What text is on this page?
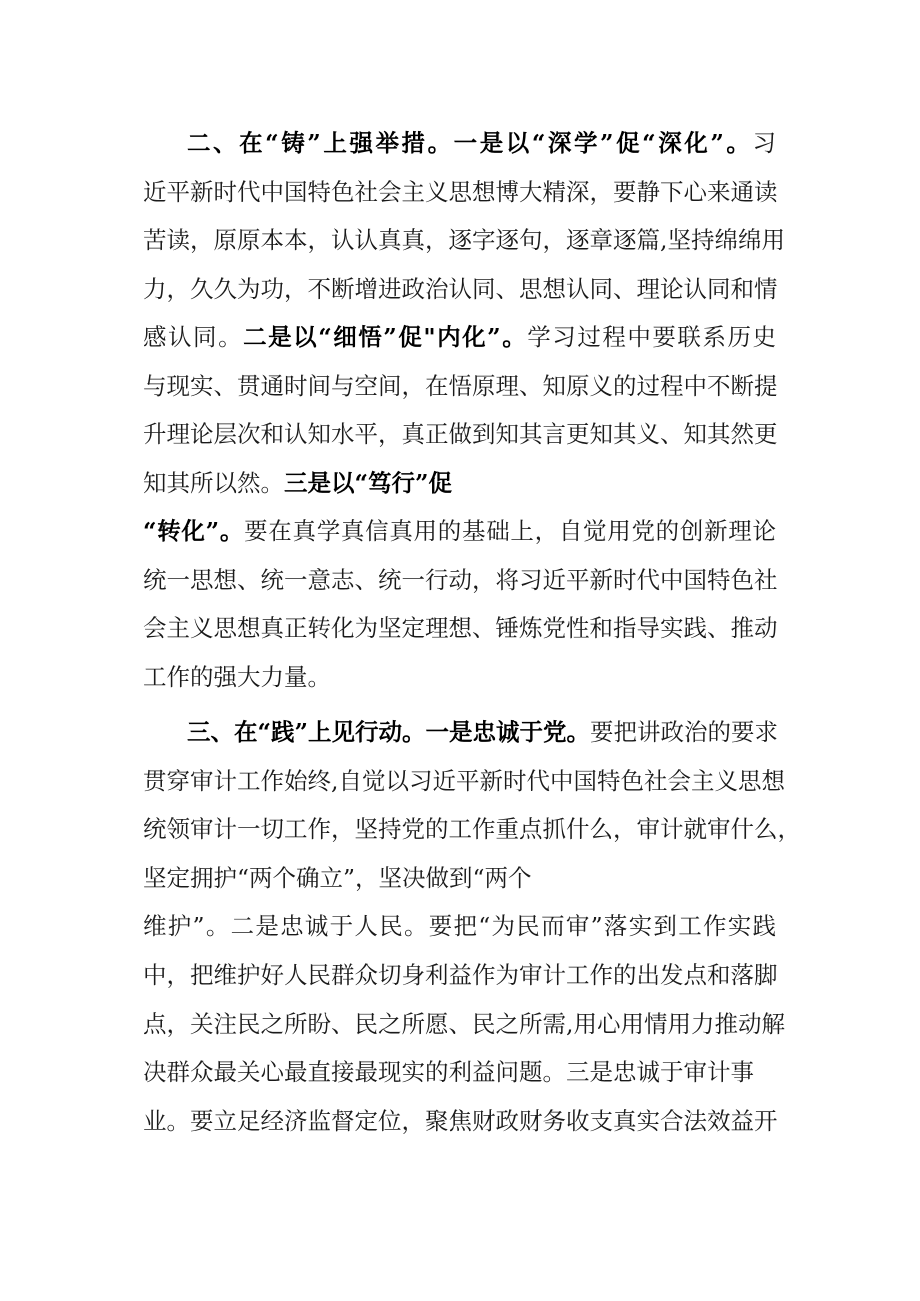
二、在“铸”上强举措。一是以“深学”促“深化”。习
近平新时代中国特色社会主义思想博大精深，要静下心来通读
苦读，原原本本，认认真真，逐字逐句，逐章逐篇,坚持绵绵用
力，久久为功，不断增进政治认同、思想认同、理论认同和情
感认同。二是以“细悟”促"内化”。学习过程中要联系历史
与现实、贯通时间与空间，在悟原理、知原义的过程中不断提
升理论层次和认知水平，真正做到知其言更知其义、知其然更
知其所以然。三是以“笃行”促
“转化”。要在真学真信真用的基础上，自觉用党的创新理论
统一思想、统一意志、统一行动，将习近平新时代中国特色社
会主义思想真正转化为坚定理想、锤炼党性和指导实践、推动
工作的强大力量。
三、在“践”上见行动。一是忠诚于党。要把讲政治的要求
贯穿审计工作始终,自觉以习近平新时代中国特色社会主义思想
统领审计一切工作，坚持党的工作重点抓什么，审计就审什么，
坚定拥护“两个确立”，坚决做到“两个
维护”。二是忠诚于人民。要把“为民而审”落实到工作实践
中，把维护好人民群众切身利益作为审计工作的出发点和落脚
点，关注民之所盼、民之所愿、民之所需,用心用情用力推动解
决群众最关心最直接最现实的利益问题。三是忠诚于审计事
业。要立足经济监督定位，聚焦财政财务收支真实合法效益开
